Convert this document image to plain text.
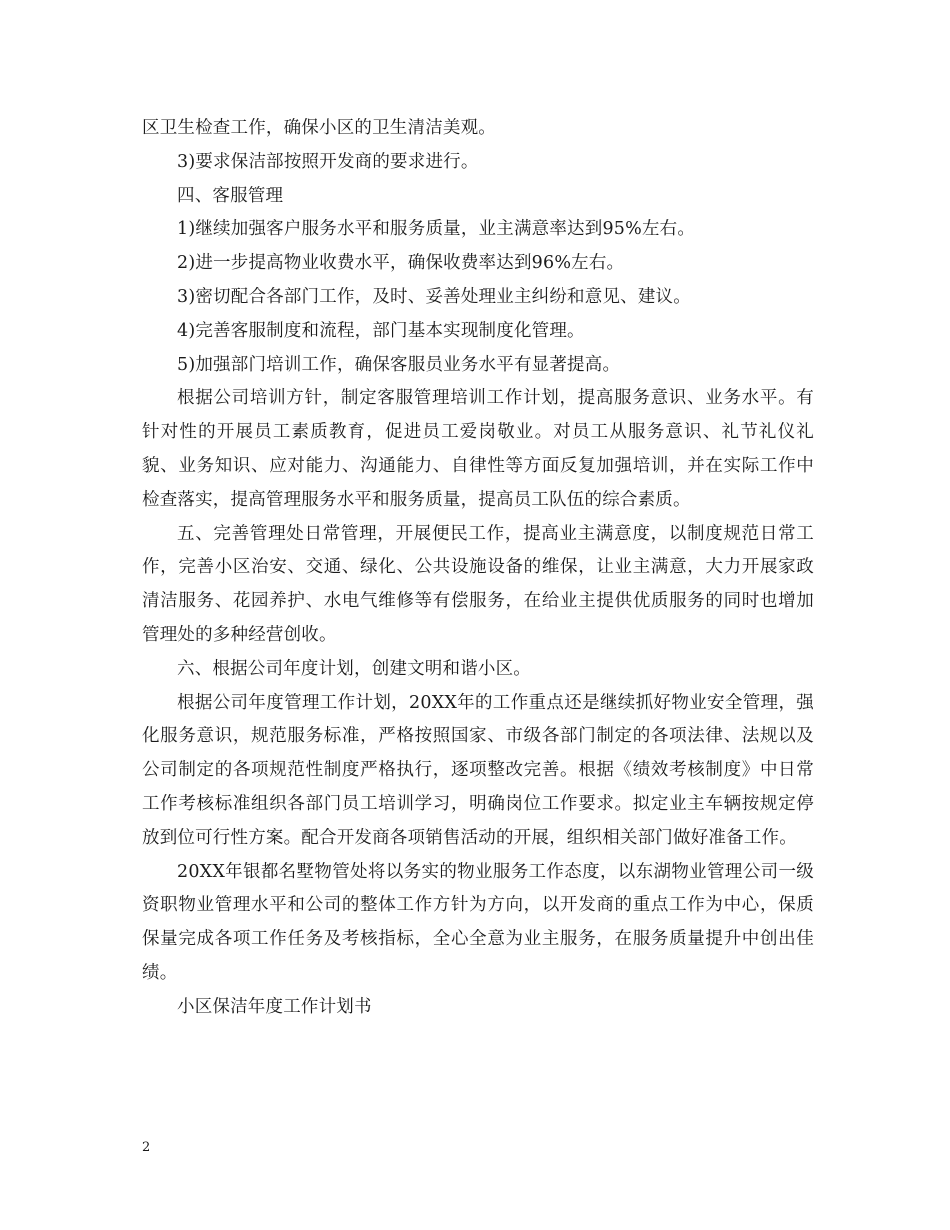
区卫生检查工作，确保小区的卫生清洁美观。

3)要求保洁部按照开发商的要求进行。

四、客服管理

1)继续加强客户服务水平和服务质量，业主满意率达到95%左右。

2)进一步提高物业收费水平，确保收费率达到96%左右。

3)密切配合各部门工作，及时、妥善处理业主纠纷和意见、建议。

4)完善客服制度和流程，部门基本实现制度化管理。

5)加强部门培训工作，确保客服员业务水平有显著提高。

根据公司培训方针，制定客服管理培训工作计划，提高服务意识、业务水平。有针对性的开展员工素质教育，促进员工爱岗敬业。对员工从服务意识、礼节礼仪礼貌、业务知识、应对能力、沟通能力、自律性等方面反复加强培训，并在实际工作中检查落实，提高管理服务水平和服务质量，提高员工队伍的综合素质。

五、完善管理处日常管理，开展便民工作，提高业主满意度，以制度规范日常工作，完善小区治安、交通、绿化、公共设施设备的维保，让业主满意，大力开展家政清洁服务、花园养护、水电气维修等有偿服务，在给业主提供优质服务的同时也增加管理处的多种经营创收。

六、根据公司年度计划，创建文明和谐小区。

根据公司年度管理工作计划，20XX年的工作重点还是继续抓好物业安全管理，强化服务意识，规范服务标准，严格按照国家、市级各部门制定的各项法律、法规以及公司制定的各项规范性制度严格执行，逐项整改完善。根据《绩效考核制度》中日常工作考核标准组织各部门员工培训学习，明确岗位工作要求。拟定业主车辆按规定停放到位可行性方案。配合开发商各项销售活动的开展，组织相关部门做好准备工作。

20XX年银都名墅物管处将以务实的物业服务工作态度，以东湖物业管理公司一级资职物业管理水平和公司的整体工作方针为方向，以开发商的重点工作为中心，保质保量完成各项工作任务及考核指标，全心全意为业主服务，在服务质量提升中创出佳绩。

小区保洁年度工作计划书

2
